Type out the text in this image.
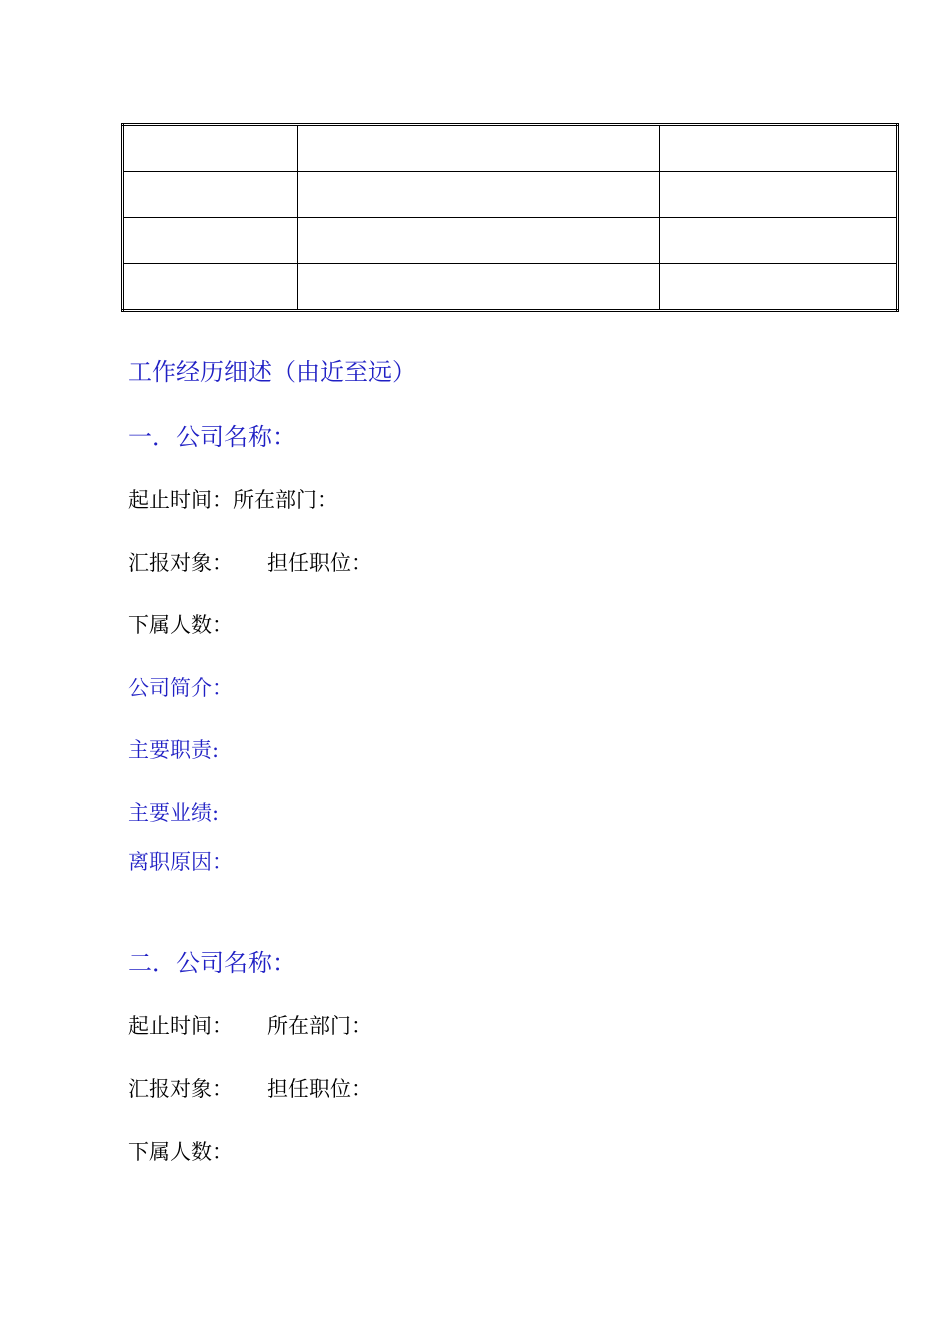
工作经历细述（由近至远）
一．公司名称：
起止时间：所在部门：
汇报对象： 担任职位：
下属人数：
公司简介：
主要职责:
主要业绩:
离职原因：
二．公司名称：
起止时间： 所在部门：
汇报对象： 担任职位：
下属人数：
